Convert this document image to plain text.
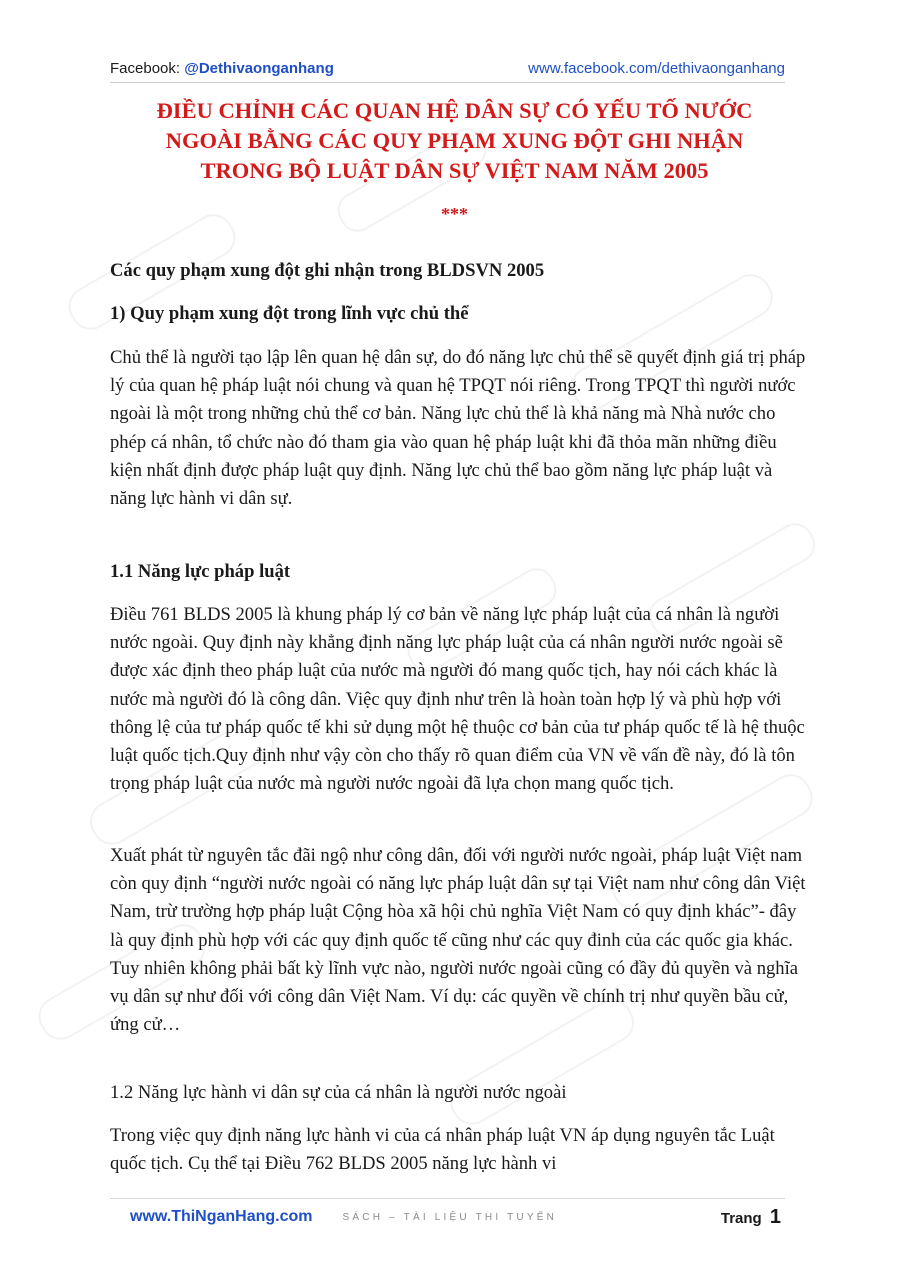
Facebook: @Dethivaonganhang	www.facebook.com/dethivaonganhang
ĐIỀU CHỈNH CÁC QUAN HỆ DÂN SỰ CÓ YẾU TỐ NƯỚC
NGOÀI BẰNG CÁC QUY PHẠM XUNG ĐỘT GHI NHẬN
TRONG BỘ LUẬT DÂN SỰ VIỆT NAM NĂM 2005
***

Các quy phạm xung đột ghi nhận trong BLDSVN 2005

1) Quy phạm xung đột trong lĩnh vực chủ thể

Chủ thể là người tạo lập lên quan hệ dân sự, do đó năng lực chủ thể sẽ quyết định giá trị pháp lý của quan hệ pháp luật nói chung và quan hệ TPQT nói riêng. Trong TPQT thì người nước ngoài là một trong những chủ thể cơ bản. Năng lực chủ thể là khả năng mà Nhà nước cho phép cá nhân, tổ chức nào đó tham gia vào quan hệ pháp luật khi đã thỏa mãn những điều kiện nhất định được pháp luật quy định. Năng lực chủ thể bao gồm năng lực pháp luật và năng lực hành vi dân sự.

1.1 Năng lực pháp luật

Điều 761 BLDS 2005 là khung pháp lý cơ bản về năng lực pháp luật của cá nhân là người nước ngoài. Quy định này khẳng định năng lực pháp luật của cá nhân người nước ngoài sẽ được xác định theo pháp luật của nước mà người đó mang quốc tịch, hay nói cách khác là nước mà người đó là công dân. Việc quy định như trên là hoàn toàn hợp lý và phù hợp với thông lệ của tư pháp quốc tế khi sử dụng một hệ thuộc cơ bản của tư pháp quốc tế là hệ thuộc luật quốc tịch.Quy định như vậy còn cho thấy rõ quan điểm của VN về vấn đề này, đó là tôn trọng pháp luật của nước mà người nước ngoài đã lựa chọn mang quốc tịch.

Xuất phát từ nguyên tắc đãi ngộ như công dân, đối với người nước ngoài, pháp luật Việt nam còn quy định “người nước ngoài có năng lực pháp luật dân sự tại Việt nam như công dân Việt Nam, trừ trường hợp pháp luật Cộng hòa xã hội chủ nghĩa Việt Nam có quy định khác”- đây là quy định phù hợp với các quy định quốc tế cũng như các quy đinh của các quốc gia khác. Tuy nhiên không phải bất kỳ lĩnh vực nào, người nước ngoài cũng có đầy đủ quyền và nghĩa vụ dân sự như đối với công dân Việt Nam. Ví dụ: các quyền về chính trị như quyền bầu cử, ứng cử…

1.2 Năng lực hành vi dân sự của cá nhân là người nước ngoài

Trong việc quy định năng lực hành vi của cá nhân pháp luật VN áp dụng nguyên tắc Luật quốc tịch. Cụ thể tại Điều 762 BLDS 2005 năng lực hành vi

www.ThiNganHang.com	SÁCH – TÀI LIỆU THI TUYỂN	Trang 1
